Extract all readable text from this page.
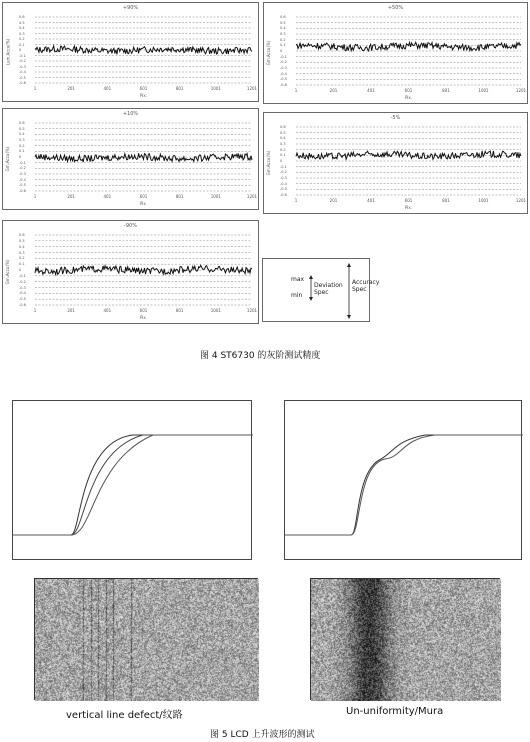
0.6
0.5
0.4
0.3
0.2
0.1
0
-0.1
-0.2
-0.3
-0.4
-0.5
-0.6
1	201	401	601	801	1001	1201
+90%
Lum.Accu(%)
Pix.
0.6
0.5
0.4
0.3
0.2
0.1
0
-0.1
-0.2
-0.3
-0.4
-0.5
-0.6
1	201	401	601	801	1001	1201
+50%
Gm.Accu(%)
Pix.
0.6
0.5
0.4
0.3
0.2
0.1
0
-0.1
-0.2
-0.3
-0.4
-0.5
-0.6
1	201	401	601	801	1001	1201
+10%
Gm.Accu(%)
Pix.
0.6
0.5
0.4
0.3
0.2
0.1
0
-0.1
-0.2
-0.3
-0.4
-0.5
-0.6
1	201	401	601	801	1001	1201
-5%
Gm.Accu(%)
Pix.
0.6
0.5
0.4
0.3
0.2
0.1
0
-0.1
-0.2
-0.3
-0.4
-0.5
-0.6
1	201	401	601	801	1001	1201
-90%
Gm.Accu(%)
Pix.
max
min
Deviation Spec
Accuracy Spec
图 4 ST6730 的灰阶测试精度
vertical line defect/纹路	Un-uniformity/Mura
图 5 LCD 上升波形的测试
